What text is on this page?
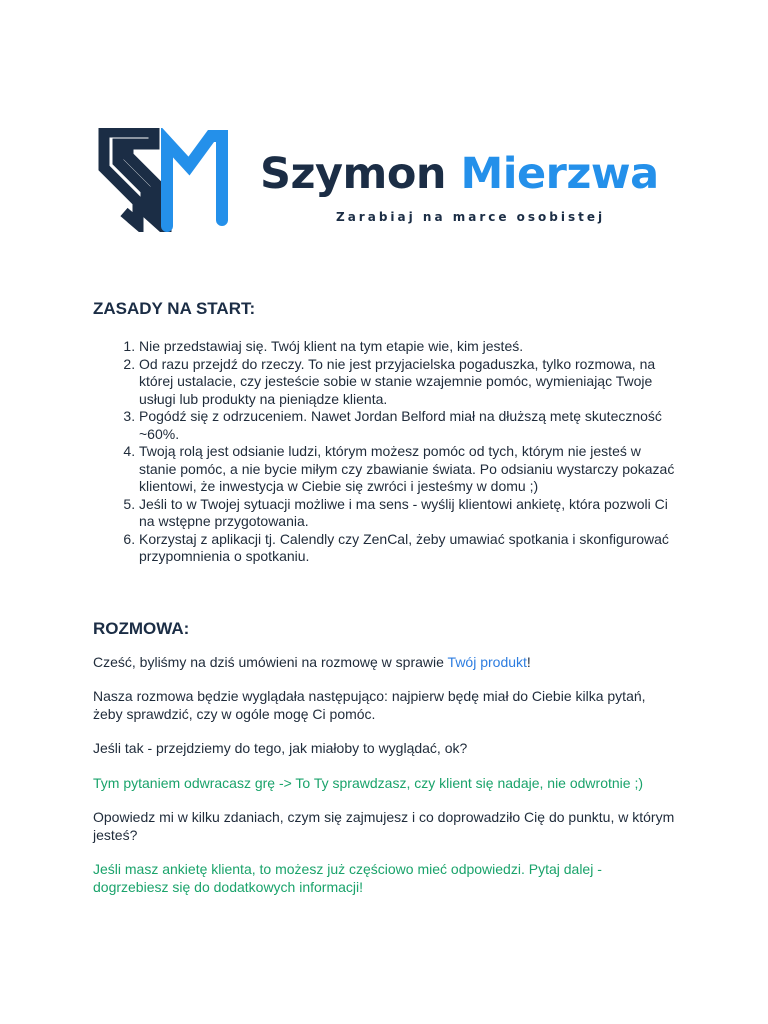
Szymon Mierzwa
Zarabiaj na marce osobistej
ZASADY NA START:
1. Nie przedstawiaj się. Twój klient na tym etapie wie, kim jesteś.
2. Od razu przejdź do rzeczy. To nie jest przyjacielska pogaduszka, tylko rozmowa, na której ustalacie, czy jesteście sobie w stanie wzajemnie pomóc, wymieniając Twoje usługi lub produkty na pieniądze klienta.
3. Pogódź się z odrzuceniem. Nawet Jordan Belford miał na dłuższą metę skuteczność ~60%.
4. Twoją rolą jest odsianie ludzi, którym możesz pomóc od tych, którym nie jesteś w stanie pomóc, a nie bycie miłym czy zbawianie świata. Po odsianiu wystarczy pokazać klientowi, że inwestycja w Ciebie się zwróci i jesteśmy w domu ;)
5. Jeśli to w Twojej sytuacji możliwe i ma sens - wyślij klientowi ankietę, która pozwoli Ci na wstępne przygotowania.
6. Korzystaj z aplikacji tj. Calendly czy ZenCal, żeby umawiać spotkania i skonfigurować przypomnienia o spotkaniu.
ROZMOWA:

Cześć, byliśmy na dziś umówieni na rozmowę w sprawie Twój produkt!

Nasza rozmowa będzie wyglądała następująco: najpierw będę miał do Ciebie kilka pytań, żeby sprawdzić, czy w ogóle mogę Ci pomóc.

Jeśli tak - przejdziemy do tego, jak miałoby to wyglądać, ok?

Tym pytaniem odwracasz grę -> To Ty sprawdzasz, czy klient się nadaje, nie odwrotnie ;)

Opowiedz mi w kilku zdaniach, czym się zajmujesz i co doprowadziło Cię do punktu, w którym jesteś?

Jeśli masz ankietę klienta, to możesz już częściowo mieć odpowiedzi. Pytaj dalej - dogrzebiesz się do dodatkowych informacji!
